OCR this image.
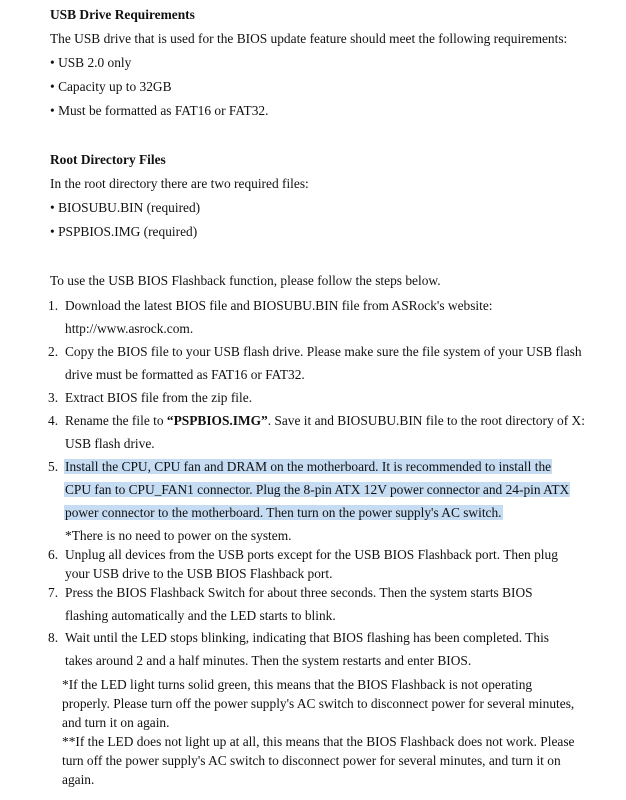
USB Drive Requirements
The USB drive that is used for the BIOS update feature should meet the following requirements:
• USB 2.0 only
• Capacity up to 32GB
• Must be formatted as FAT16 or FAT32.
Root Directory Files
In the root directory there are two required files:
• BIOSUBU.BIN (required)
• PSPBIOS.IMG (required)
To use the USB BIOS Flashback function, please follow the steps below.
1. Download the latest BIOS file and BIOSUBU.BIN file from ASRock's website:
http://www.asrock.com.
2. Copy the BIOS file to your USB flash drive. Please make sure the file system of your USB flash
drive must be formatted as FAT16 or FAT32.
3. Extract BIOS file from the zip file.
4. Rename the file to “PSPBIOS.IMG”. Save it and BIOSUBU.BIN file to the root directory of X:
USB flash drive.
5. Install the CPU, CPU fan and DRAM on the motherboard. It is recommended to install the
CPU fan to CPU_FAN1 connector. Plug the 8-pin ATX 12V power connector and 24-pin ATX
power connector to the motherboard. Then turn on the power supply's AC switch.
*There is no need to power on the system.
6. Unplug all devices from the USB ports except for the USB BIOS Flashback port. Then plug
your USB drive to the USB BIOS Flashback port.
7. Press the BIOS Flashback Switch for about three seconds. Then the system starts BIOS
flashing automatically and the LED starts to blink.
8. Wait until the LED stops blinking, indicating that BIOS flashing has been completed. This
takes around 2 and a half minutes. Then the system restarts and enter BIOS.
*If the LED light turns solid green, this means that the BIOS Flashback is not operating
properly. Please turn off the power supply's AC switch to disconnect power for several minutes,
and turn it on again.
**If the LED does not light up at all, this means that the BIOS Flashback does not work. Please
turn off the power supply's AC switch to disconnect power for several minutes, and turn it on
again.
